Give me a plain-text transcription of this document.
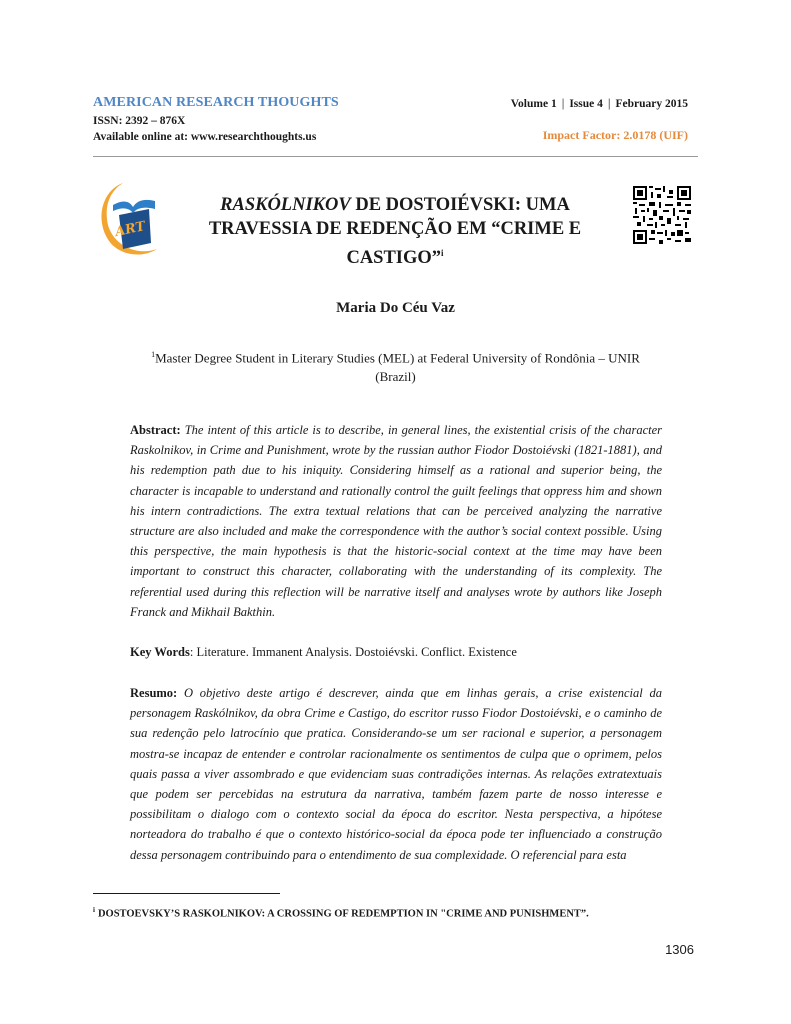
AMERICAN RESEARCH THOUGHTS
ISSN: 2392 – 876X
Available online at: www.researchthoughts.us
Volume 1 | Issue 4 | February 2015
Impact Factor: 2.0178 (UIF)
ART
RASKÓLNIKOV DE DOSTOIÉVSKI: UMA TRAVESSIA DE REDENÇÃO EM “CRIME E CASTIGO”$^i$
Maria Do Céu Vaz
$^1$Master Degree Student in Literary Studies (MEL) at Federal University of Rondônia – UNIR (Brazil)
Abstract: The intent of this article is to describe, in general lines, the existential crisis of the character Raskolnikov, in Crime and Punishment, wrote by the russian author Fiodor Dostoiévski (1821-1881), and his redemption path due to his iniquity. Considering himself as a rational and superior being, the character is incapable to understand and rationally control the guilt feelings that oppress him and shown his intern contradictions. The extra textual relations that can be perceived analyzing the narrative structure are also included and make the correspondence with the author’s social context possible. Using this perspective, the main hypothesis is that the historic-social context at the time may have been important to construct this character, collaborating with the understanding of its complexity. The referential used during this reflection will be narrative itself and analyses wrote by authors like Joseph Franck and Mikhail Bakthin.
Key Words: Literature. Immanent Analysis. Dostoiévski. Conflict. Existence
Resumo: O objetivo deste artigo é descrever, ainda que em linhas gerais, a crise existencial da personagem Raskólnikov, da obra Crime e Castigo, do escritor russo Fiodor Dostoiévski, e o caminho de sua redenção pelo latrocínio que pratica. Considerando-se um ser racional e superior, a personagem mostra-se incapaz de entender e controlar racionalmente os sentimentos de culpa que o oprimem, pelos quais passa a viver assombrado e que evidenciam suas contradições internas. As relações extratextuais que podem ser percebidas na estrutura da narrativa, também fazem parte de nosso interesse e possibilitam o dialogo com o contexto social da época do escritor. Nesta perspectiva, a hipótese norteadora do trabalho é que o contexto histórico-social da época pode ter influenciado a construção dessa personagem contribuindo para o entendimento de sua complexidade. O referencial para esta
$^i$ DOSTOEVSKY’S RASKOLNIKOV: A CROSSING OF REDEMPTION IN "CRIME AND PUNISHMENT”.
1306
